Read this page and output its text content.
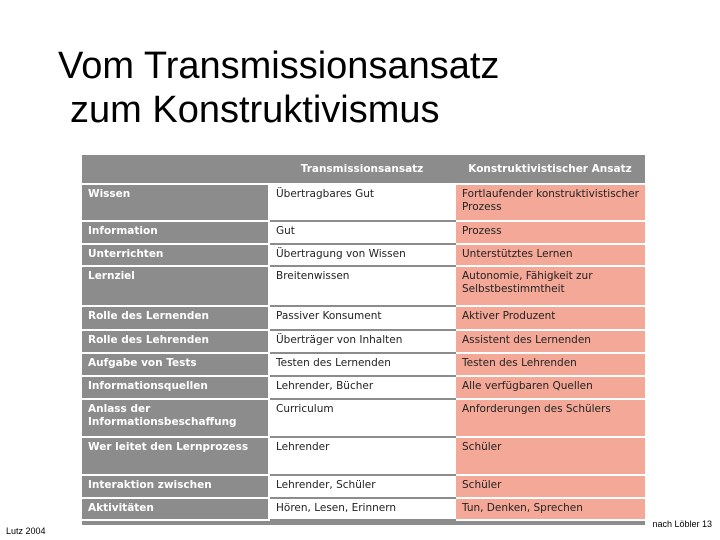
Vom Transmissionsansatz
zum Konstruktivismus
	Transmissionsansatz	Konstruktivistischer Ansatz
Wissen	Übertragbares Gut	Fortlaufender konstruktivistischer Prozess
Information	Gut	Prozess
Unterrichten	Übertragung von Wissen	Unterstütztes Lernen
Lernziel	Breitenwissen	Autonomie, Fähigkeit zur Selbstbestimmtheit
Rolle des Lernenden	Passiver Konsument	Aktiver Produzent
Rolle des Lehrenden	Überträger von Inhalten	Assistent des Lernenden
Aufgabe von Tests	Testen des Lernenden	Testen des Lehrenden
Informationsquellen	Lehrender, Bücher	Alle verfügbaren Quellen
Anlass der Informationsbeschaffung	Curriculum	Anforderungen des Schülers
Wer leitet den Lernprozess	Lehrender	Schüler
Interaktion zwischen	Lehrender, Schüler	Schüler
Aktivitäten	Hören, Lesen, Erinnern	Tun, Denken, Sprechen
Lutz 2004
nach Löbler 13
